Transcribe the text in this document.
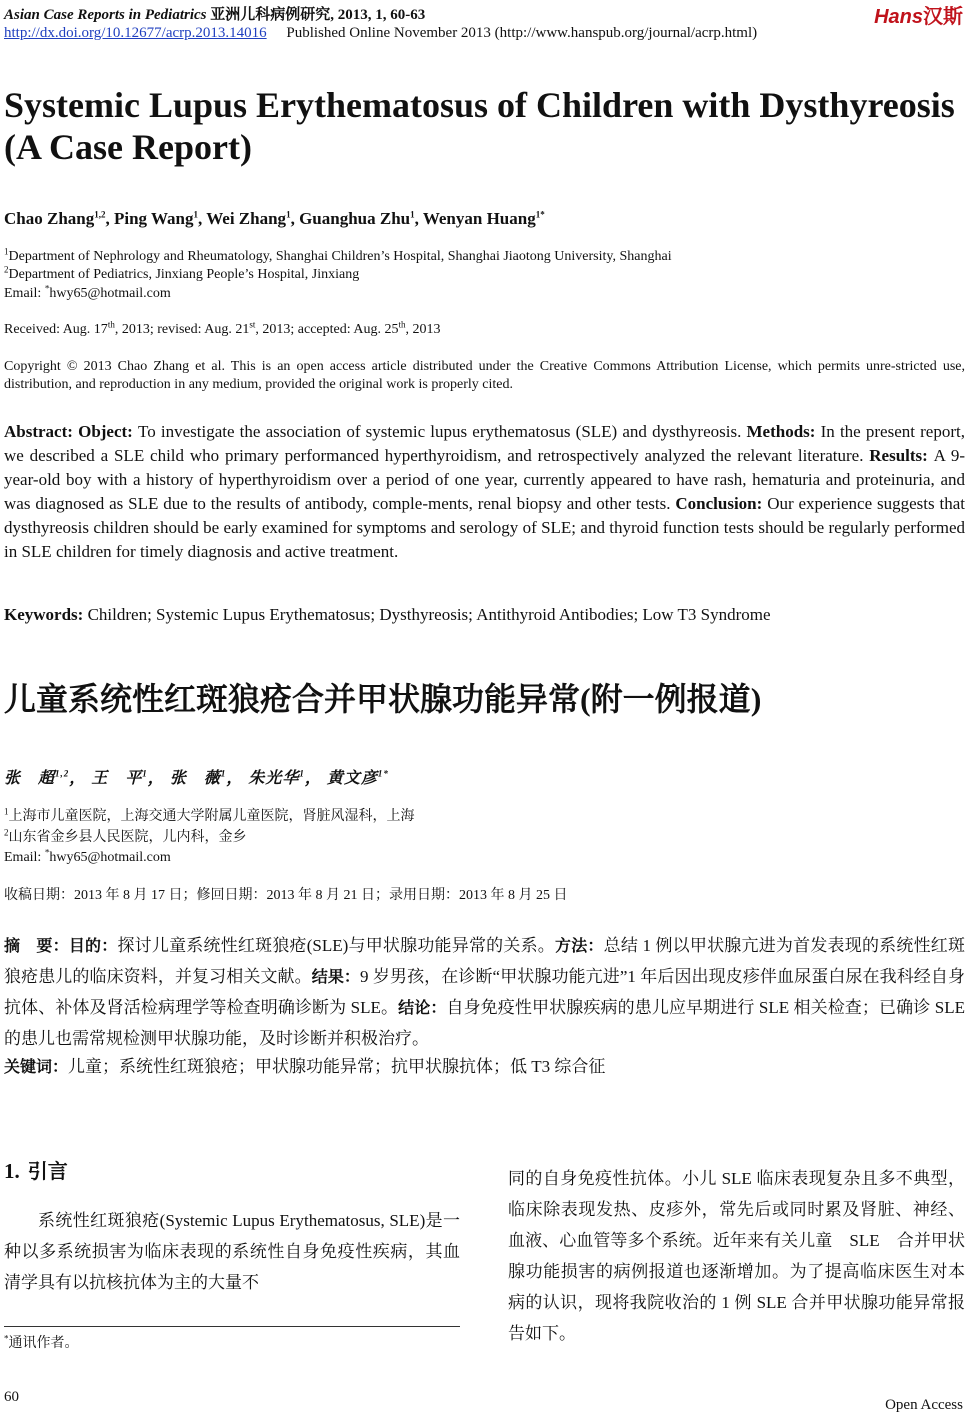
Asian Case Reports in Pediatrics 亚洲儿科病例研究, 2013, 1, 60-63	Hans汉斯
http://dx.doi.org/10.12677/acrp.2013.14016 Published Online November 2013 (http://www.hanspub.org/journal/acrp.html)
Systemic Lupus Erythematosus of Children with Dysthyreosis (A Case Report)
Chao Zhang$^{1,2}$, Ping Wang$^1$, Wei Zhang$^1$, Guanghua Zhu$^1$, Wenyan Huang$^{1*}$
$^1$Department of Nephrology and Rheumatology, Shanghai Children’s Hospital, Shanghai Jiaotong University, Shanghai
$^2$Department of Pediatrics, Jinxiang People’s Hospital, Jinxiang
Email: *hwy65@hotmail.com
Received: Aug. 17th, 2013; revised: Aug. 21st, 2013; accepted: Aug. 25th, 2013
Copyright © 2013 Chao Zhang et al. This is an open access article distributed under the Creative Commons Attribution License, which permits unre-stricted use, distribution, and reproduction in any medium, provided the original work is properly cited.
Abstract: Object: To investigate the association of systemic lupus erythematosus (SLE) and dysthyreosis. Methods: In the present report, we described a SLE child who primary performanced hyperthyroidism, and retrospectively analyzed the relevant literature. Results: A 9-year-old boy with a history of hyperthyroidism over a period of one year, currently appeared to have rash, hematuria and proteinuria, and was diagnosed as SLE due to the results of antibody, comple-ments, renal biopsy and other tests. Conclusion: Our experience suggests that dysthyreosis children should be early examined for symptoms and serology of SLE; and thyroid function tests should be regularly performed in SLE children for timely diagnosis and active treatment.
Keywords: Children; Systemic Lupus Erythematosus; Dysthyreosis; Antithyroid Antibodies; Low T3 Syndrome
儿童系统性红斑狼疮合并甲状腺功能异常(附一例报道)
张　超$^{1,2}$， 王　平$^1$， 张　薇$^1$， 朱光华$^1$， 黄文彦$^{1*}$
$^1$上海市儿童医院，上海交通大学附属儿童医院，肾脏风湿科，上海
$^2$山东省金乡县人民医院，儿内科，金乡
Email: *hwy65@hotmail.com
收稿日期：2013 年 8 月 17 日；修回日期：2013 年 8 月 21 日；录用日期：2013 年 8 月 25 日
摘　要：目的：探讨儿童系统性红斑狼疮(SLE)与甲状腺功能异常的关系。方法：总结 1 例以甲状腺亢进为首发表现的系统性红斑狼疮患儿的临床资料，并复习相关文献。结果：9 岁男孩，在诊断“甲状腺功能亢进”1 年后因出现皮疹伴血尿蛋白尿在我科经自身抗体、补体及肾活检病理学等检查明确诊断为 SLE。结论：自身免疫性甲状腺疾病的患儿应早期进行 SLE 相关检查；已确诊 SLE 的患儿也需常规检测甲状腺功能，及时诊断并积极治疗。
关键词：儿童；系统性红斑狼疮；甲状腺功能异常；抗甲状腺抗体；低 T3 综合征
1. 引言

系统性红斑狼疮(Systemic Lupus Erythematosus, SLE)是一种以多系统损害为临床表现的系统性自身免疫性疾病，其血清学具有以抗核抗体为主的大量不

同的自身免疫性抗体。小儿 SLE 临床表现复杂且多不典型，临床除表现发热、皮疹外，常先后或同时累及肾脏、神经、血液、心血管等多个系统。近年来有关儿童　SLE　合并甲状腺功能损害的病例报道也逐渐增加。为了提高临床医生对本病的认识，现将我院收治的 1 例 SLE 合并甲状腺功能异常报告如下。

*通讯作者。
60	Open Access
